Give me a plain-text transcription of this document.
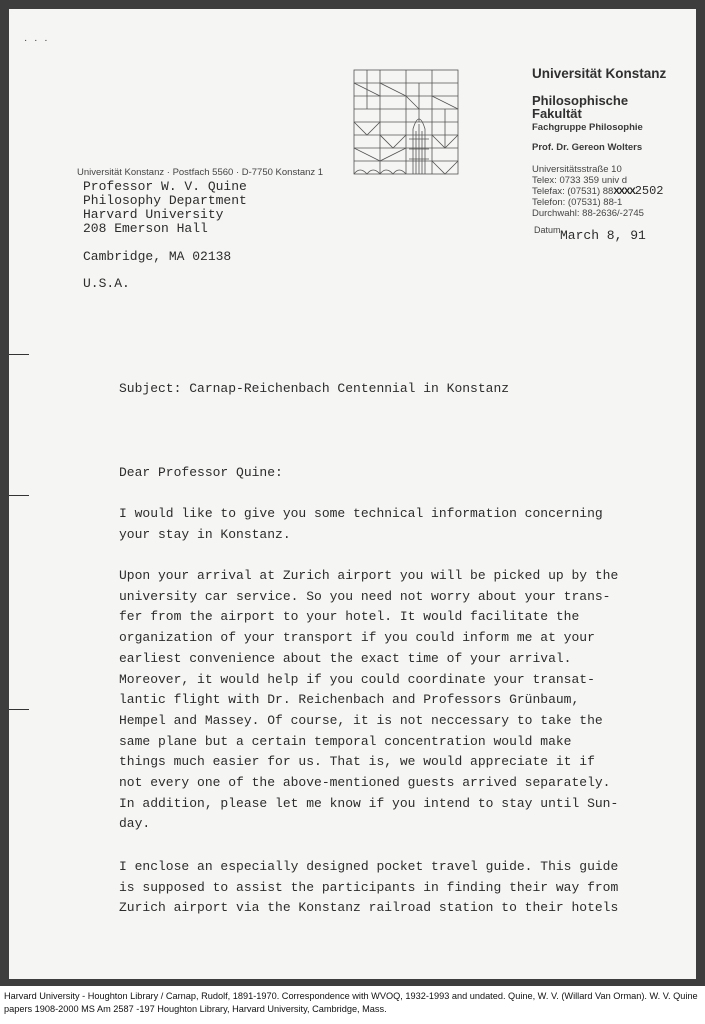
· · ·
Universität Konstanz
Philosophische
Fakultät
Fachgruppe Philosophie
Prof. Dr. Gereon Wolters
Universitätsstraße 10
Telex: 0733 359 univ d
Telefax: (07531) 88XXXX2502
Telefon: (07531) 88-1
Durchwahl: 88-2636/-2745
Datum March 8, 91
Universität Konstanz · Postfach 5560 · D-7750 Konstanz 1
Professor W. V. Quine
Philosophy Department
Harvard University
208 Emerson Hall
Cambridge, MA 02138
U.S.A.
Subject: Carnap-Reichenbach Centennial in Konstanz
Dear Professor Quine:
I would like to give you some technical information concerning
your stay in Konstanz.
Upon your arrival at Zurich airport you will be picked up by the
university car service. So you need not worry about your trans-
fer from the airport to your hotel. It would facilitate the
organization of your transport if you could inform me at your
earliest convenience about the exact time of your arrival.
Moreover, it would help if you could coordinate your transat-
lantic flight with Dr. Reichenbach and Professors Grünbaum,
Hempel and Massey. Of course, it is not neccessary to take the
same plane but a certain temporal concentration would make
things much easier for us. That is, we would appreciate it if
not every one of the above-mentioned guests arrived separately.
In addition, please let me know if you intend to stay until Sun-
day.
I enclose an especially designed pocket travel guide. This guide
is supposed to assist the participants in finding their way from
Zurich airport via the Konstanz railroad station to their hotels
Harvard University - Houghton Library / Carnap, Rudolf, 1891-1970. Correspondence with WVOQ, 1932-1993 and undated. Quine, W. V. (Willard Van Orman). W. V. Quine papers 1908-2000 MS Am 2587 -197 Houghton Library, Harvard University, Cambridge, Mass.
